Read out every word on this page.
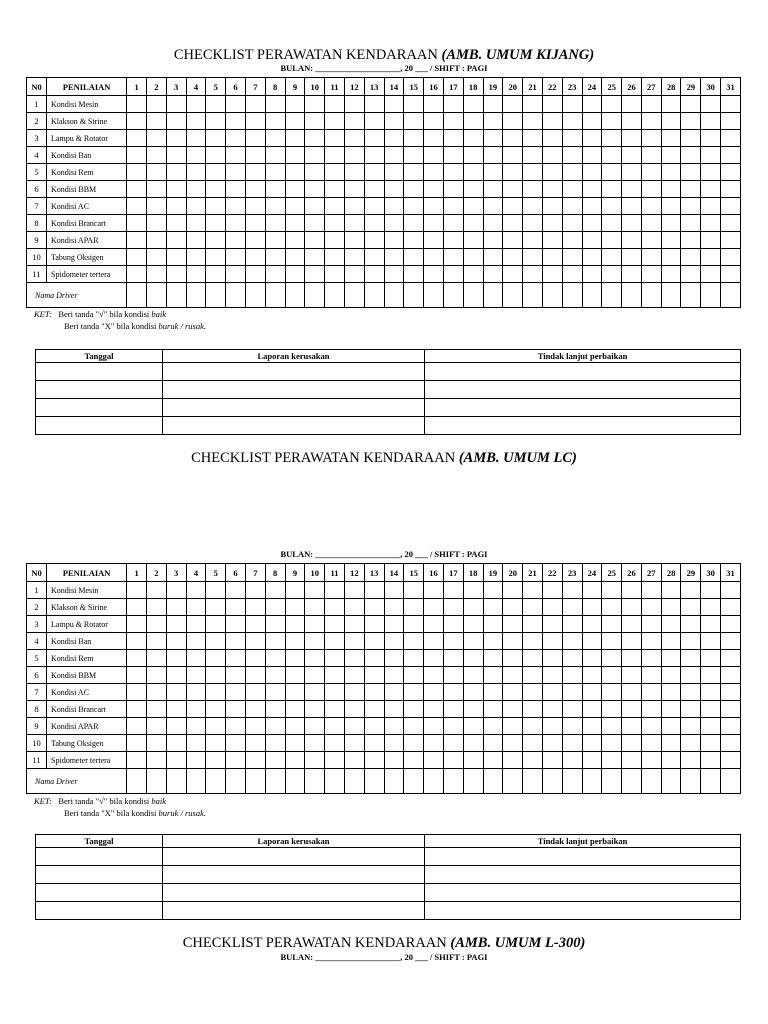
CHECKLIST PERAWATAN KENDARAAN (AMB. UMUM KIJANG)
BULAN: ____________________, 20 ___ / SHIFT : PAGI
N0	PENILAIAN	1	2	3	4	5	6	7	8	9	10	11	12	13	14	15	16	17	18	19	20	21	22	23	24	25	26	27	28	29	30	31
1	Kondisi Mesin																															
2	Klakson & Sirine																															
3	Lampu & Rotator																															
4	Kondisi Ban																															
5	Kondisi Rem																															
6	Kondisi BBM																															
7	Kondisi AC																															
8	Kondisi Brancart																															
9	Kondisi APAR																															
10	Tabung Oksigen																															
11	Spidometer tertera																															
Nama Driver																																
KET: Beri tanda "√" bila kondisi baik
Beri tanda "X" bila kondisi buruk / rusak.
Tanggal	Laporan kerusakan	Tindak lanjut perbaikan

CHECKLIST PERAWATAN KENDARAAN (AMB. UMUM LC)
BULAN: ____________________, 20 ___ / SHIFT : PAGI
N0	PENILAIAN	1	2	3	4	5	6	7	8	9	10	11	12	13	14	15	16	17	18	19	20	21	22	23	24	25	26	27	28	29	30	31
1	Kondisi Mesin																															
2	Klakson & Sirine																															
3	Lampu & Rotator																															
4	Kondisi Ban																															
5	Kondisi Rem																															
6	Kondisi BBM																															
7	Kondisi AC																															
8	Kondisi Brancart																															
9	Kondisi APAR																															
10	Tabung Oksigen																															
11	Spidometer tertera																															
Nama Driver																																
KET: Beri tanda "√" bila kondisi baik
Beri tanda "X" bila kondisi buruk / rusak.
Tanggal	Laporan kerusakan	Tindak lanjut perbaikan

CHECKLIST PERAWATAN KENDARAAN (AMB. UMUM L-300)
BULAN: ____________________, 20 ___ / SHIFT : PAGI
